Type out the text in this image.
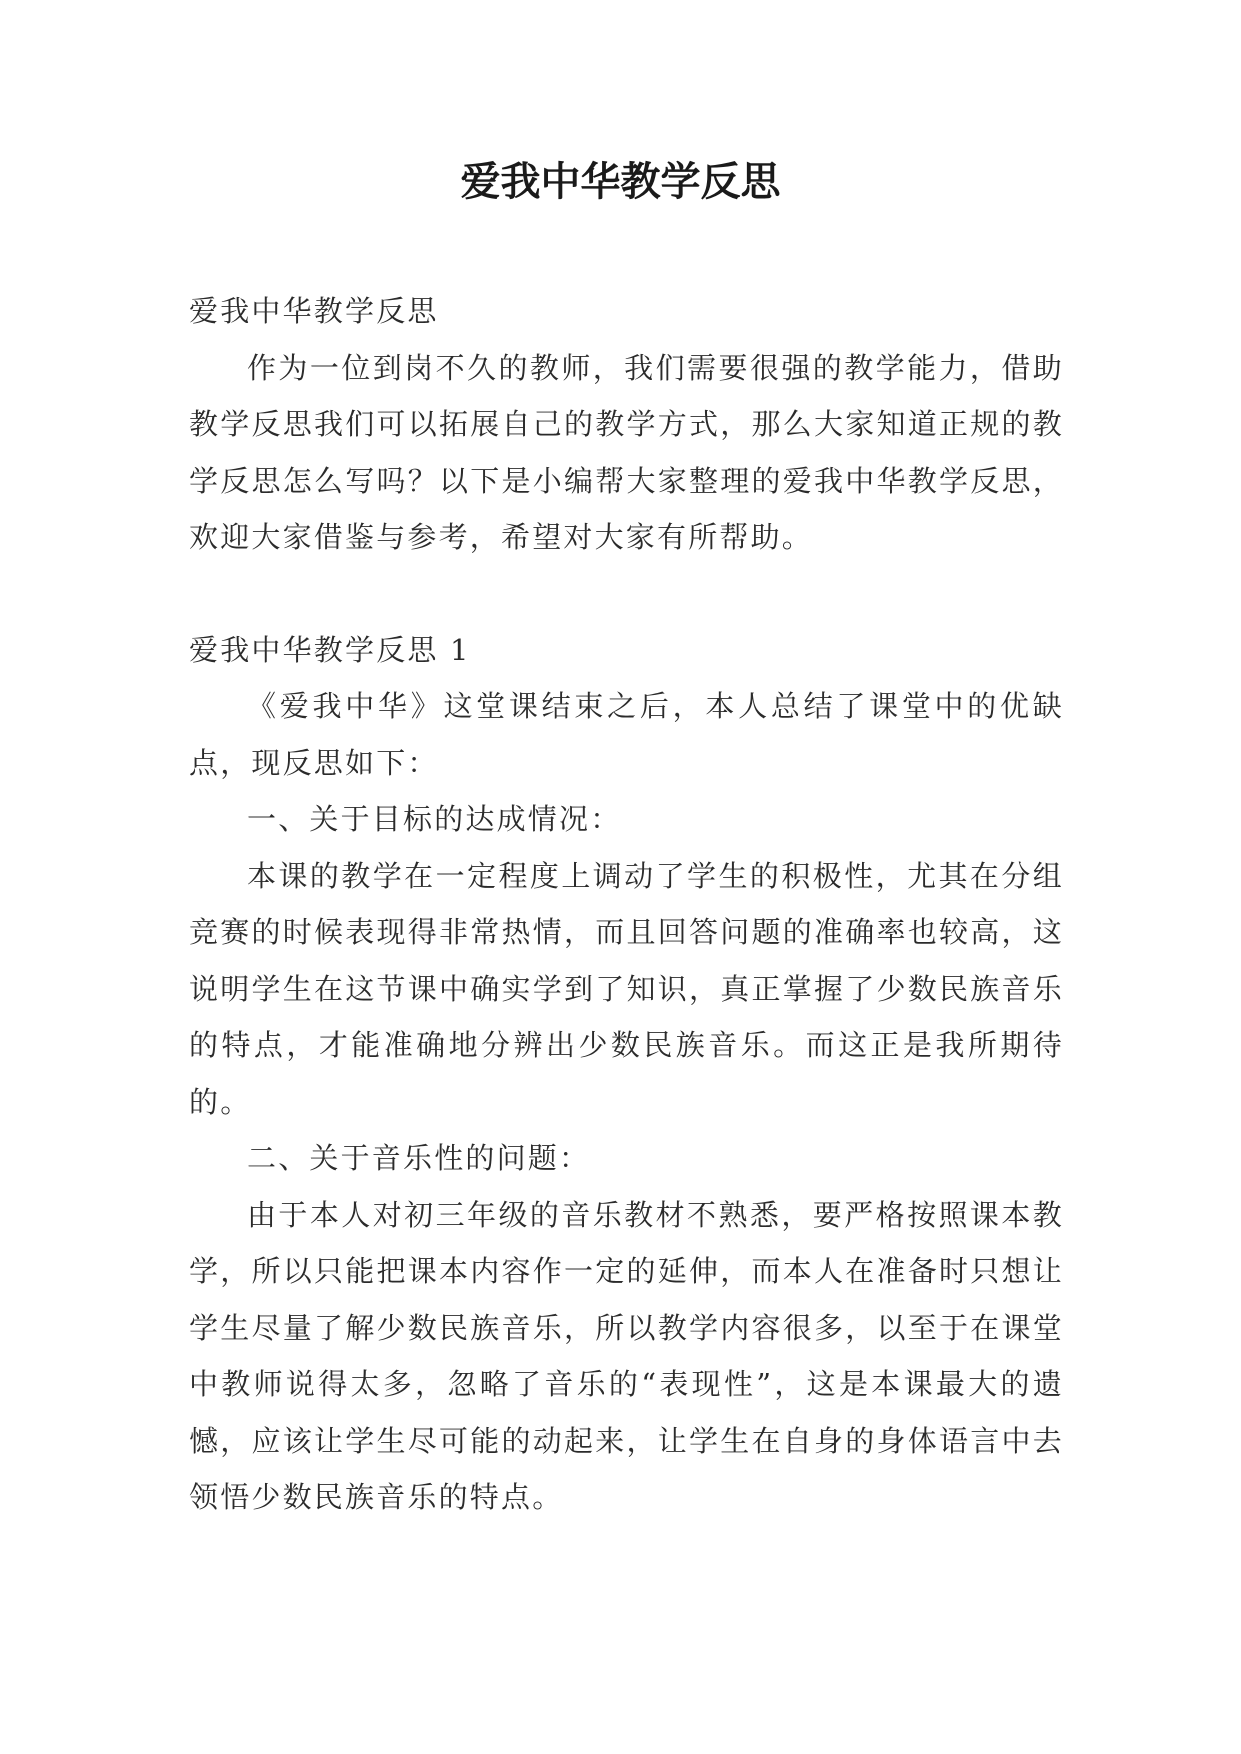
爱我中华教学反思

爱我中华教学反思

作为一位到岗不久的教师，我们需要很强的教学能力，借助教学反思我们可以拓展自己的教学方式，那么大家知道正规的教学反思怎么写吗？以下是小编帮大家整理的爱我中华教学反思，欢迎大家借鉴与参考，希望对大家有所帮助。

爱我中华教学反思 1

《爱我中华》这堂课结束之后，本人总结了课堂中的优缺点，现反思如下：

一、关于目标的达成情况：

本课的教学在一定程度上调动了学生的积极性，尤其在分组竞赛的时候表现得非常热情，而且回答问题的准确率也较高，这说明学生在这节课中确实学到了知识，真正掌握了少数民族音乐的特点，才能准确地分辨出少数民族音乐。而这正是我所期待的。

二、关于音乐性的问题：

由于本人对初三年级的音乐教材不熟悉，要严格按照课本教学，所以只能把课本内容作一定的延伸，而本人在准备时只想让学生尽量了解少数民族音乐，所以教学内容很多，以至于在课堂中教师说得太多，忽略了音乐的“表现性”，这是本课最大的遗憾，应该让学生尽可能的动起来，让学生在自身的身体语言中去领悟少数民族音乐的特点。
